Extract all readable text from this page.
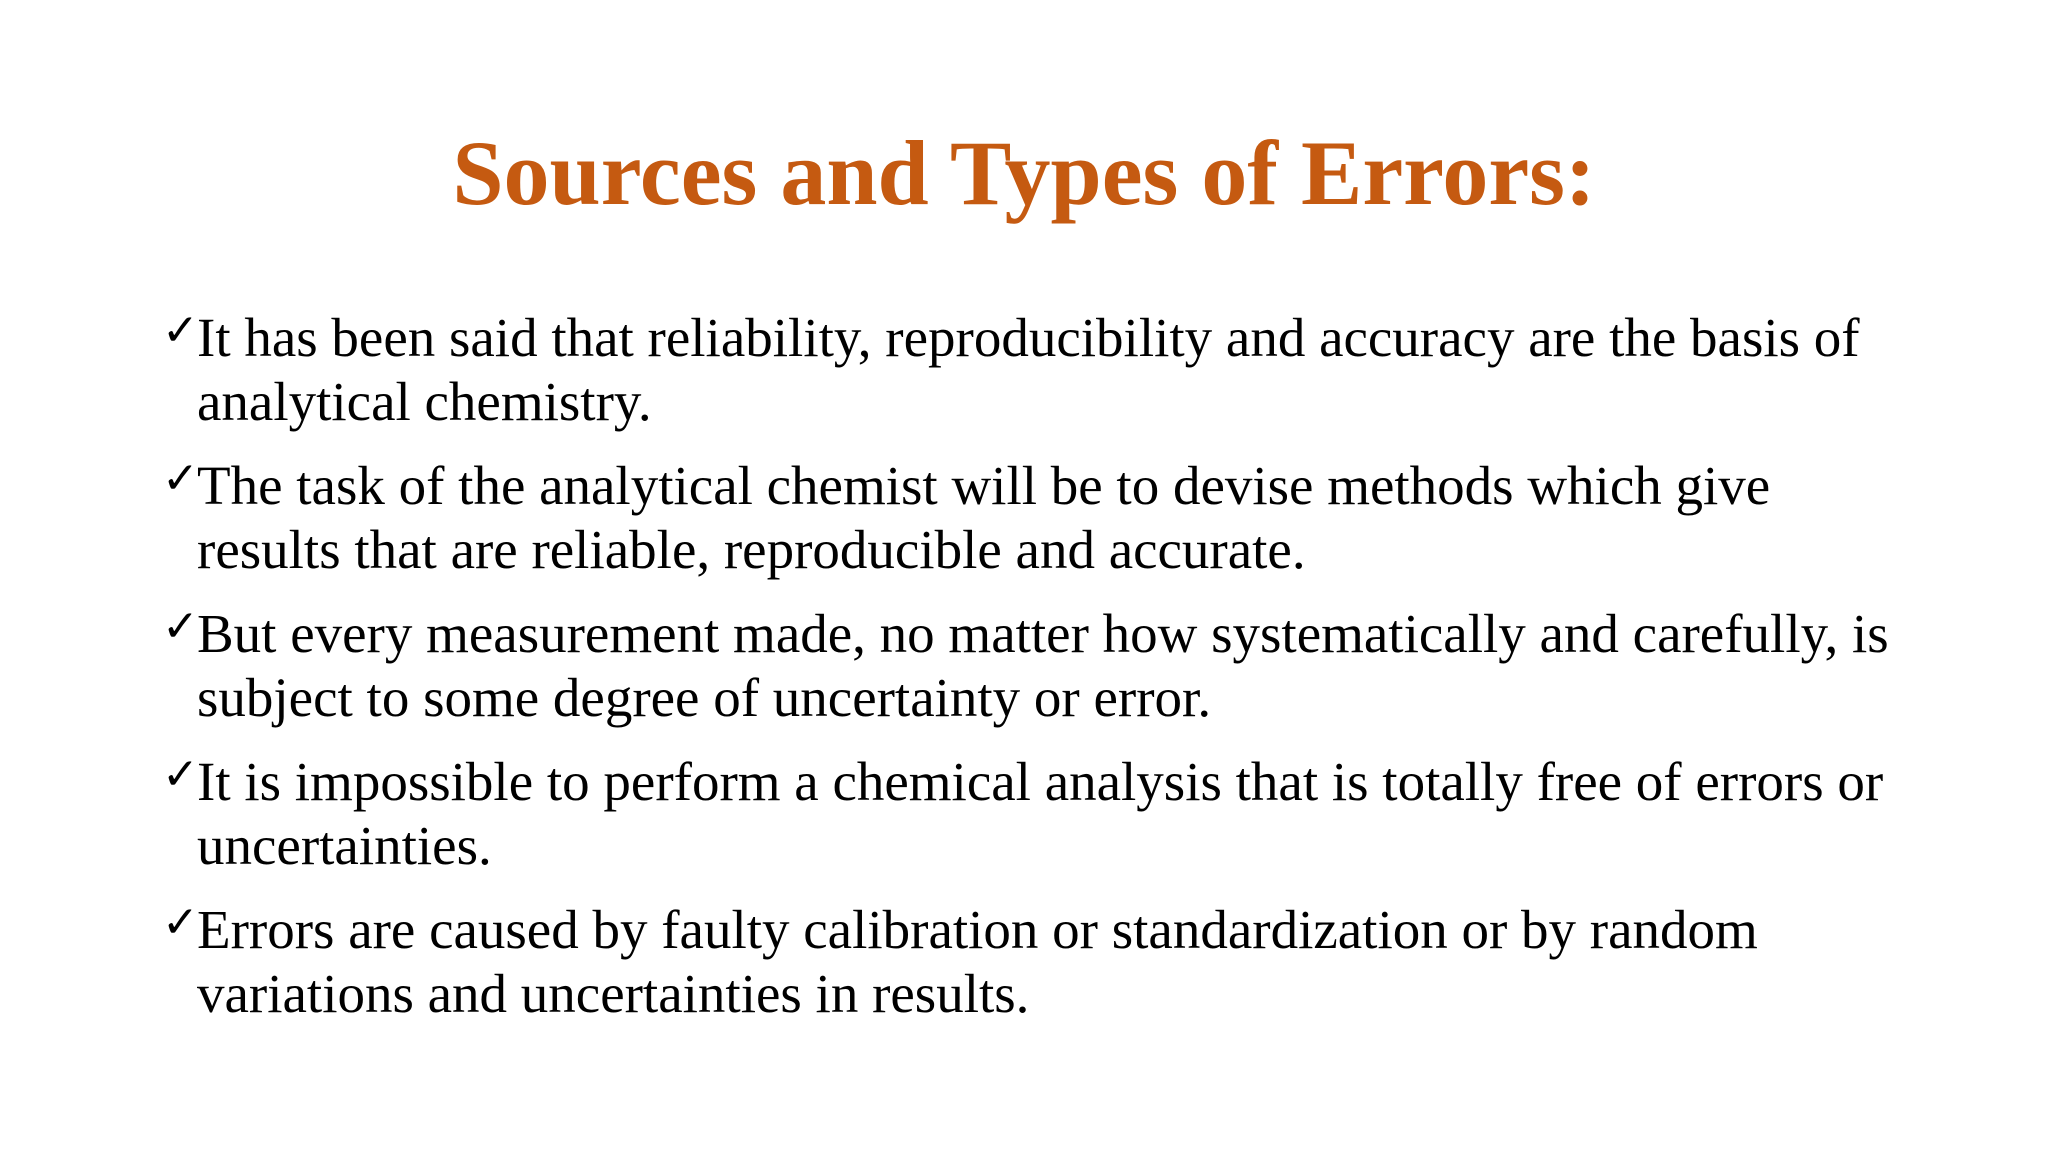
Sources and Types of Errors:
✓
It has been said that reliability, reproducibility and accuracy are the basis of analytical chemistry.
✓
The task of the analytical chemist will be to devise methods which give results that are reliable, reproducible and accurate.
✓
But every measurement made, no matter how systematically and carefully, is subject to some degree of uncertainty or error.
✓
It is impossible to perform a chemical analysis that is totally free of errors or uncertainties.
✓
Errors are caused by faulty calibration or standardization or by random variations and uncertainties in results.
